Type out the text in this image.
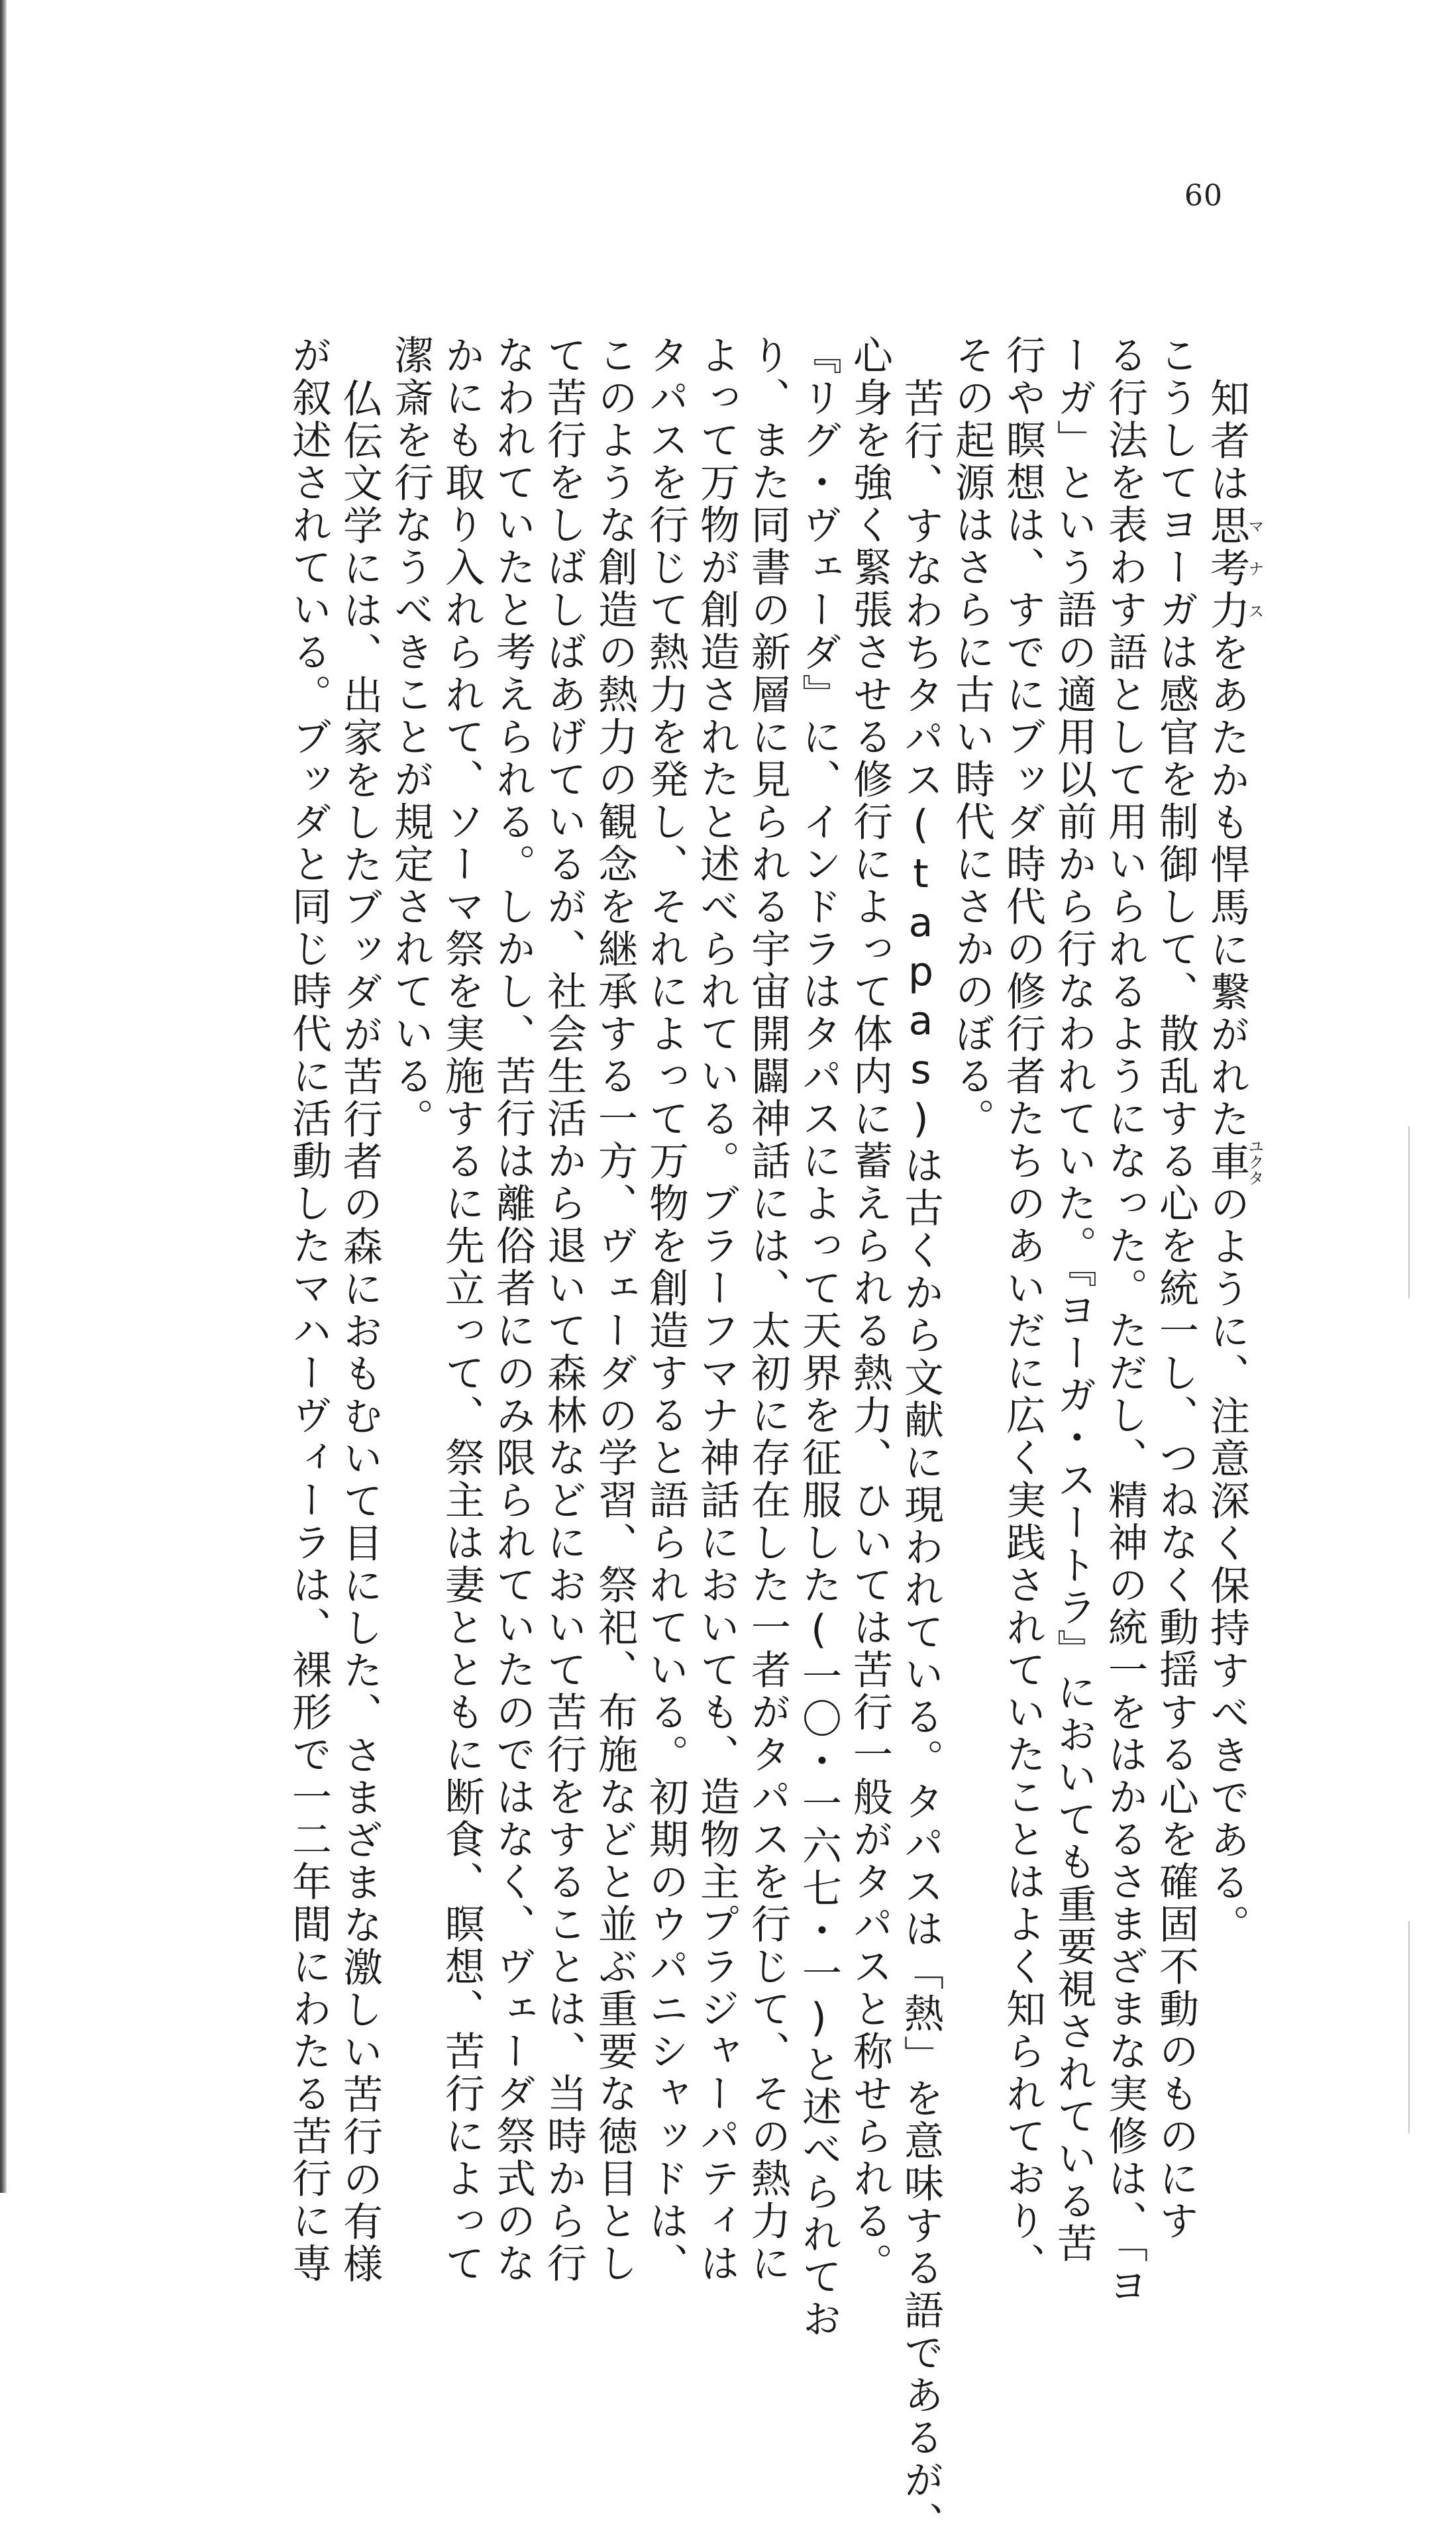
60
知者は思考力マナスをあたかも悍馬に繋がれた車ユクタのように、注意深く保持すべきである。
こうしてヨーガは感官を制御して、散乱する心を統一し、つねなく動揺する心を確固不動のものにす
る行法を表わす語として用いられるようになった。ただし、精神の統一をはかるさまざまな実修は、「ヨ
ーガ」という語の適用以前から行なわれていた。『ヨーガ・スートラ』においても重要視されている苦
行や瞑想は、すでにブッダ時代の修行者たちのあいだに広く実践されていたことはよく知られており、
その起源はさらに古い時代にさかのぼる。
苦行、すなわちタパス(tapas)は古くから文献に現われている。タパスは「熱」を意味する語であるが、
心身を強く緊張させる修行によって体内に蓄えられる熱力、ひいては苦行一般がタパスと称せられる。
『リグ・ヴェーダ』に、インドラはタパスによって天界を征服した(一〇・一六七・一)と述べられてお
り、また同書の新層に見られる宇宙開闢神話には、太初に存在した一者がタパスを行じて、その熱力に
よって万物が創造されたと述べられている。ブラーフマナ神話においても、造物主プラジャーパティは
タパスを行じて熱力を発し、それによって万物を創造すると語られている。初期のウパニシャッドは、
このような創造の熱力の観念を継承する一方、ヴェーダの学習、祭祀、布施などと並ぶ重要な徳目とし
て苦行をしばしばあげているが、社会生活から退いて森林などにおいて苦行をすることは、当時から行
なわれていたと考えられる。しかし、苦行は離俗者にのみ限られていたのではなく、ヴェーダ祭式のな
かにも取り入れられて、ソーマ祭を実施するに先立って、祭主は妻とともに断食、瞑想、苦行によって
潔斎を行なうべきことが規定されている。
仏伝文学には、出家をしたブッダが苦行者の森におもむいて目にした、さまざまな激しい苦行の有様
が叙述されている。ブッダと同じ時代に活動したマハーヴィーラは、裸形で一二年間にわたる苦行に専
